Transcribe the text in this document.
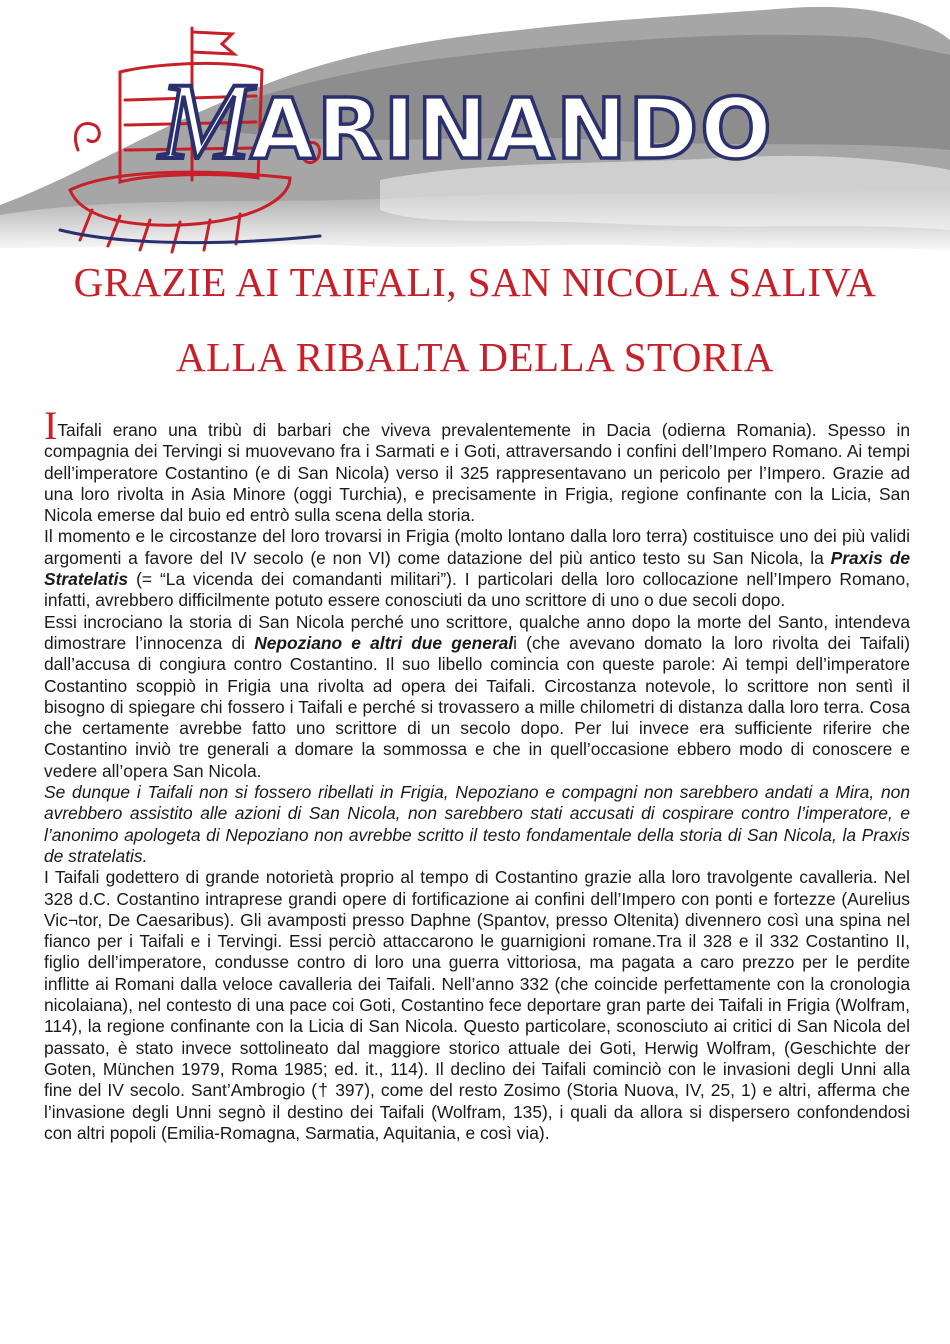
M ARINANDO
GRAZIE AI TAIFALI, SAN NICOLA SALIVA
ALLA RIBALTA DELLA STORIA

ITaifali erano una tribù di barbari che viveva prevalentemente in Dacia (odierna Romania). Spesso in compagnia dei Tervingi si muovevano fra i Sarmati e i Goti, attraversando i confini dell’Impero Romano. Ai tempi dell’imperatore Costantino (e di San Nicola) verso il 325 rappresentavano un pericolo per l’Impero. Grazie ad una loro rivolta in Asia Minore (oggi Turchia), e precisamente in Frigia, regione confinante con la Licia, San Nicola emerse dal buio ed entrò sulla scena della storia.

Il momento e le circostanze del loro trovarsi in Frigia (molto lontano dalla loro terra) costituisce uno dei più validi argomenti a favore del IV secolo (e non VI) come datazione del più antico testo su San Nicola, la Praxis de Stratelatis (= “La vicenda dei comandanti militari”). I particolari della loro collocazione nell’Impero Romano, infatti, avrebbero difficilmente potuto essere conosciuti da uno scrittore di uno o due secoli dopo.

Essi incrociano la storia di San Nicola perché uno scrittore, qualche anno dopo la morte del Santo, intendeva dimostrare l’innocenza di Nepoziano e altri due generali (che avevano domato la loro rivolta dei Taifali) dall’accusa di congiura contro Costantino. Il suo libello comincia con queste parole: Ai tempi dell’imperatore Costantino scoppiò in Frigia una rivolta ad opera dei Taifali. Circostanza notevole, lo scrittore non sentì il bisogno di spiegare chi fossero i Taifali e perché si trovassero a mille chilometri di distanza dalla loro terra. Cosa che certamente avrebbe fatto uno scrittore di un secolo dopo. Per lui invece era sufficiente riferire che Costantino inviò tre generali a domare la sommossa e che in quell’occasione ebbero modo di conoscere e vedere all’opera San Nicola.

Se dunque i Taifali non si fossero ribellati in Frigia, Nepoziano e compagni non sarebbero andati a Mira, non avrebbero assistito alle azioni di San Nicola, non sarebbero stati accusati di cospirare contro l’imperatore, e l’anonimo apologeta di Nepoziano non avrebbe scritto il testo fondamentale della storia di San Nicola, la Praxis de stratelatis.

I Taifali godettero di grande notorietà proprio al tempo di Costantino grazie alla loro travolgente cavalleria. Nel 328 d.C. Costantino intraprese grandi opere di fortificazione ai confini dell’Impero con ponti e fortezze (Aurelius Vic¬tor, De Caesaribus). Gli avamposti presso Daphne (Spantov, presso Oltenita) divennero così una spina nel fianco per i Taifali e i Tervingi. Essi perciò attaccarono le guarnigioni romane.Tra il 328 e il 332 Costantino II, figlio dell’imperatore, condusse contro di loro una guerra vittoriosa, ma pagata a caro prezzo per le perdite inflitte ai Romani dalla veloce cavalleria dei Taifali. Nell’anno 332 (che coincide perfettamente con la cronologia nicolaiana), nel contesto di una pace coi Goti, Costantino fece deportare gran parte dei Taifali in Frigia (Wolfram, 114), la regione confinante con la Licia di San Nicola. Questo particolare, sconosciuto ai critici di San Nicola del passato, è stato invece sottolineato dal maggiore storico attuale dei Goti, Herwig Wolfram, (Geschichte der Goten, München 1979, Roma 1985; ed. it., 114). Il declino dei Taifali cominciò con le invasioni degli Unni alla fine del IV secolo. Sant’Ambrogio († 397), come del resto Zosimo (Storia Nuova, IV, 25, 1) e altri, afferma che l’invasione degli Unni segnò il destino dei Taifali (Wolfram, 135), i quali da allora si dispersero confondendosi con altri popoli (Emilia-Romagna, Sarmatia, Aquitania, e così via).
